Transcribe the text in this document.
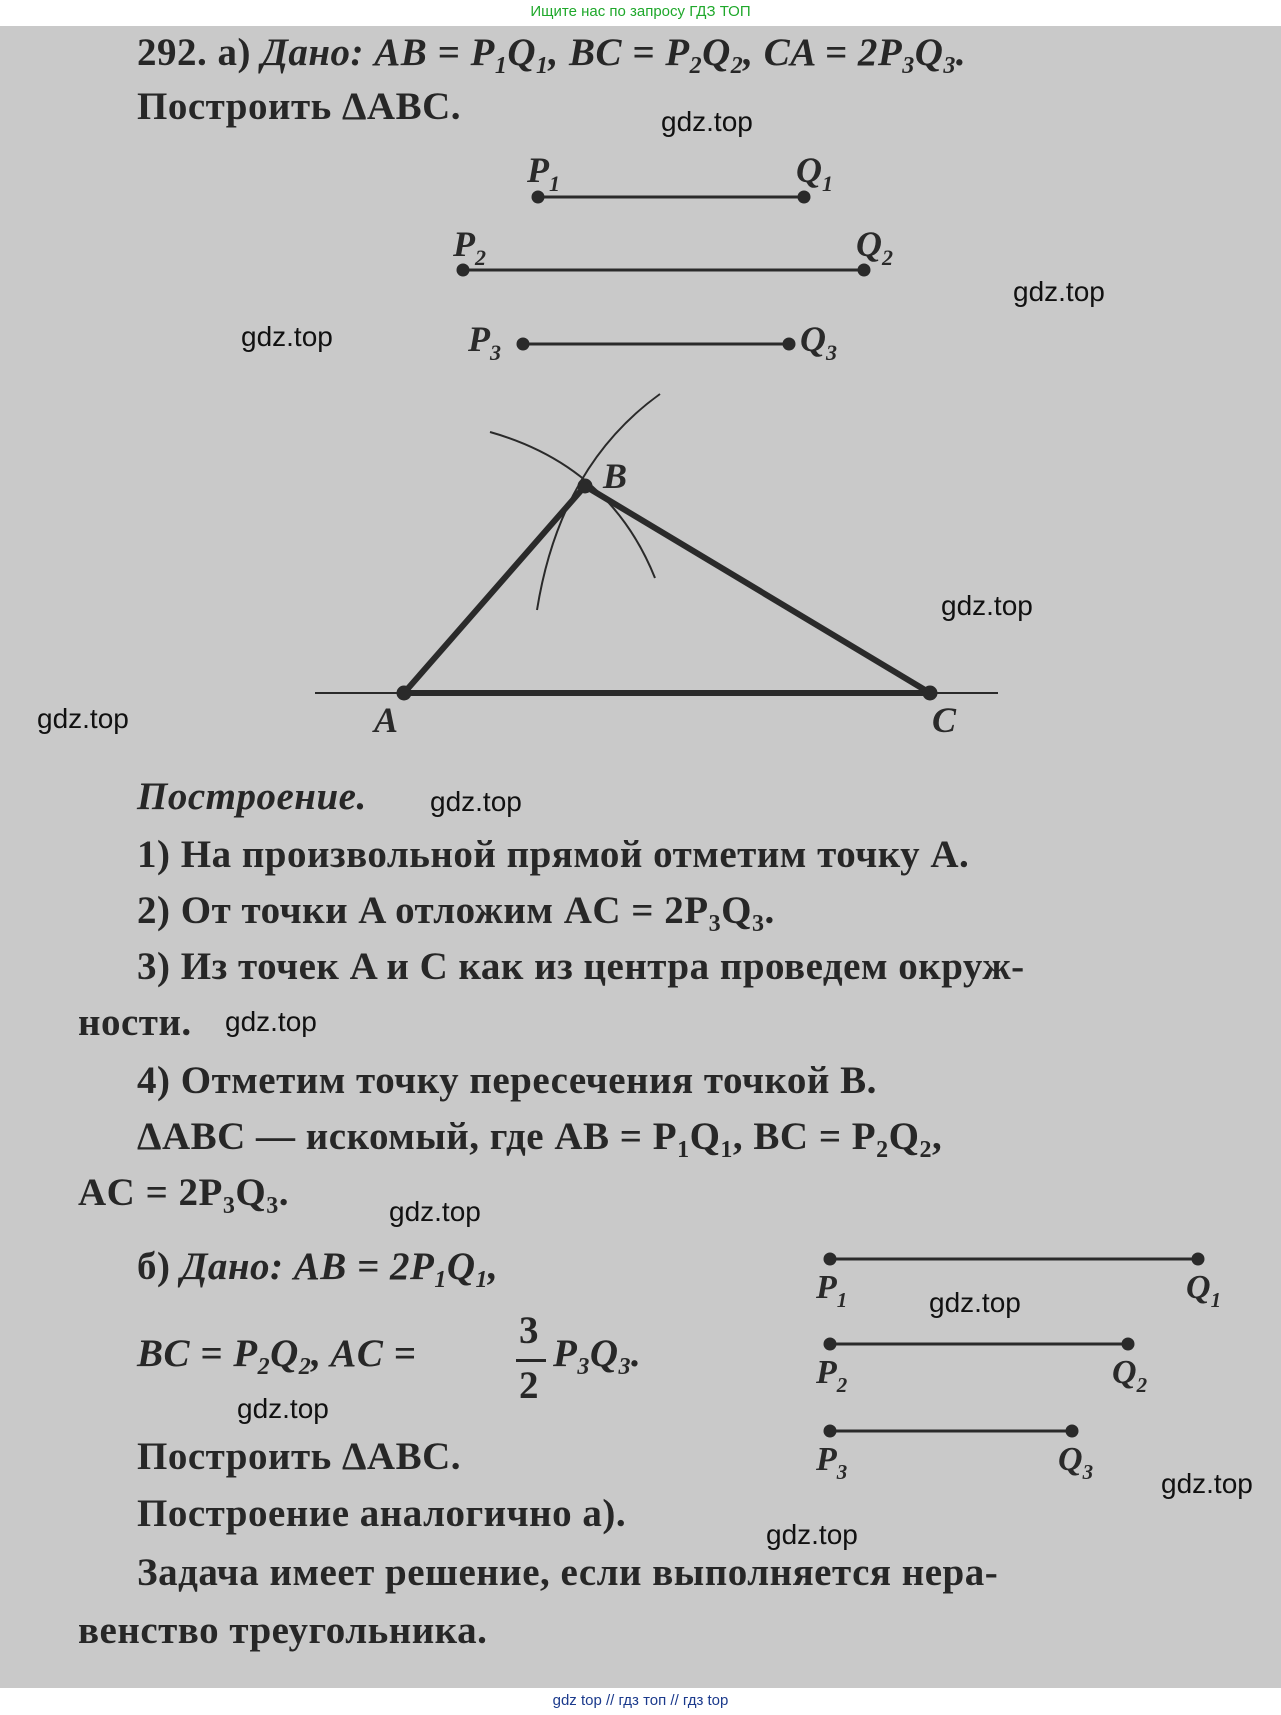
Ищите нас по запросу ГДЗ ТОП
292. а) Дано: AB = $P_1Q_1$, BC = $P_2Q_2$, CA = $2P_3Q_3$.
Построить ΔABC.
$P_1$	$Q_1$
$P_2$	$Q_2$
$P_3$	$Q_3$
A
B
C
Построение.
1) На произвольной прямой отметим точку A.
2) От точки A отложим AC = $2P_3Q_3$.
3) Из точек A и C как из центра проведем окруж-
ности.
4) Отметим точку пересечения точкой B.
ΔABC — искомый, где AB = $P_1Q_1$, BC = $P_2Q_2$,
AC = $2P_3Q_3$.
б) Дано: AB = $2P_1Q_1$,
BC = $P_2Q_2$, AC =
3
2
$P_3Q_3$.
Построить ΔABC.
Построение аналогично а).
Задача имеет решение, если выполняется нера-
венство треугольника.
$P_1$	$Q_1$
$P_2$	$Q_2$
$P_3$	$Q_3$
gdz.top
gdz.top
gdz.top
gdz.top
gdz.top
gdz.top
gdz.top
gdz.top
gdz.top
gdz.top
gdz.top
gdz.top
gdz top // гдз топ // гдз top
